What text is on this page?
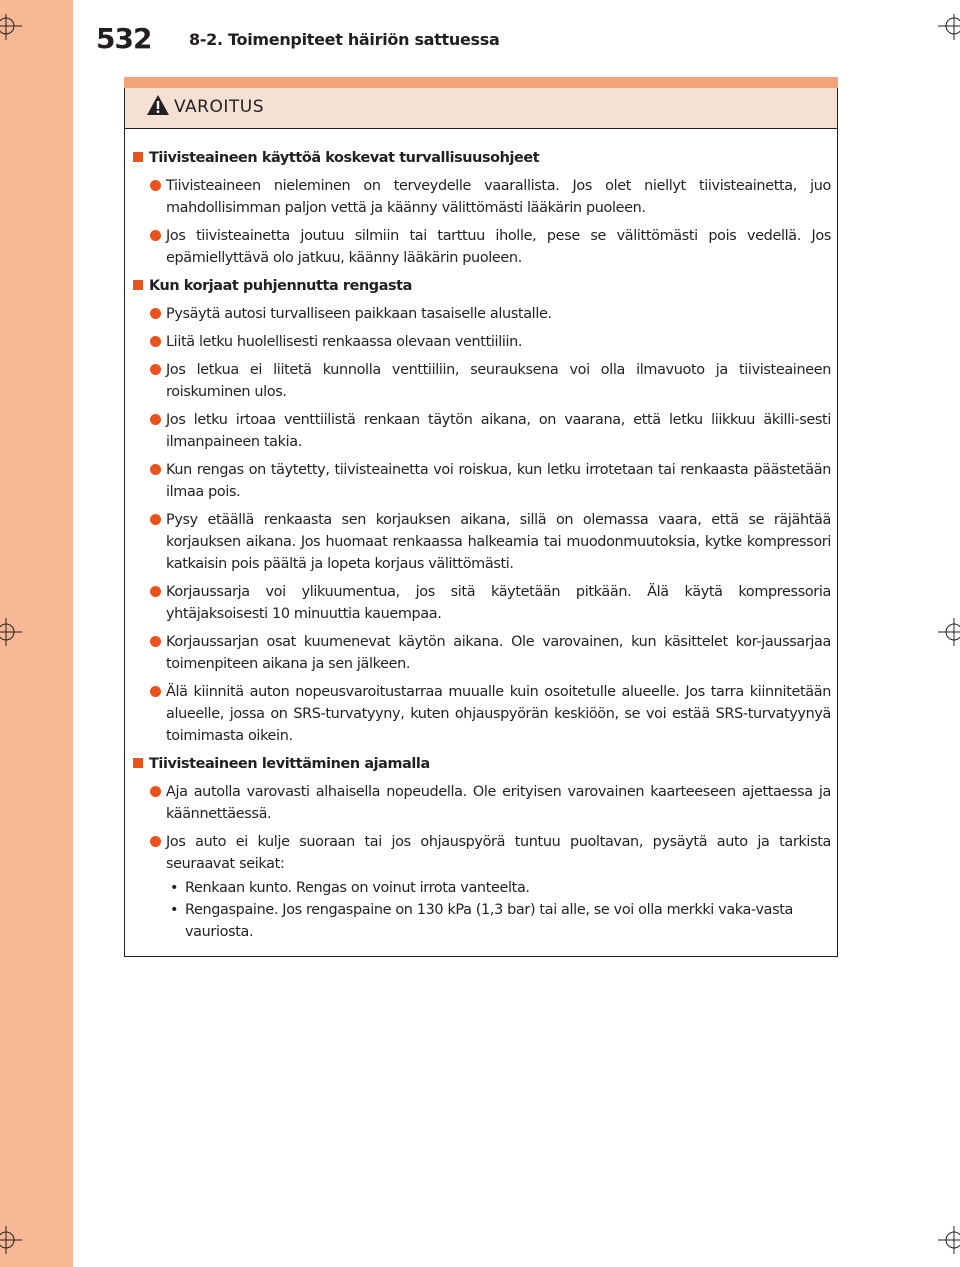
532 8-2. Toimenpiteet häiriön sattuessa
VAROITUS
Tiivisteaineen käyttöä koskevat turvallisuusohjeet
Tiivisteaineen nieleminen on terveydelle vaarallista. Jos olet niellyt tiivisteainetta, juo mahdollisimman paljon vettä ja käänny välittömästi lääkärin puoleen.
Jos tiivisteainetta joutuu silmiin tai tarttuu iholle, pese se välittömästi pois vedellä. Jos epämiellyttävä olo jatkuu, käänny lääkärin puoleen.
Kun korjaat puhjennutta rengasta
Pysäytä autosi turvalliseen paikkaan tasaiselle alustalle.
Liitä letku huolellisesti renkaassa olevaan venttiiliin.
Jos letkua ei liitetä kunnolla venttiiliin, seurauksena voi olla ilmavuoto ja tiivisteaineen roiskuminen ulos.
Jos letku irtoaa venttiilistä renkaan täytön aikana, on vaarana, että letku liikkuu äkilli-sesti ilmanpaineen takia.
Kun rengas on täytetty, tiivisteainetta voi roiskua, kun letku irrotetaan tai renkaasta päästetään ilmaa pois.
Pysy etäällä renkaasta sen korjauksen aikana, sillä on olemassa vaara, että se räjähtää korjauksen aikana. Jos huomaat renkaassa halkeamia tai muodonmuutoksia, kytke kompressori katkaisin pois päältä ja lopeta korjaus välittömästi.
Korjaussarja voi ylikuumentua, jos sitä käytetään pitkään. Älä käytä kompressoria yhtäjaksoisesti 10 minuuttia kauempaa.
Korjaussarjan osat kuumenevat käytön aikana. Ole varovainen, kun käsittelet kor-jaussarjaa toimenpiteen aikana ja sen jälkeen.
Älä kiinnitä auton nopeusvaroitustarraa muualle kuin osoitetulle alueelle. Jos tarra kiinnitetään alueelle, jossa on SRS-turvatyyny, kuten ohjauspyörän keskiöön, se voi estää SRS-turvatyynyä toimimasta oikein.
Tiivisteaineen levittäminen ajamalla
Aja autolla varovasti alhaisella nopeudella. Ole erityisen varovainen kaarteeseen ajettaessa ja käännettäessä.
Jos auto ei kulje suoraan tai jos ohjauspyörä tuntuu puoltavan, pysäytä auto ja tarkista seuraavat seikat:
• Renkaan kunto. Rengas on voinut irrota vanteelta.
• Rengaspaine. Jos rengaspaine on 130 kPa (1,3 bar) tai alle, se voi olla merkki vaka-vasta vauriosta.
